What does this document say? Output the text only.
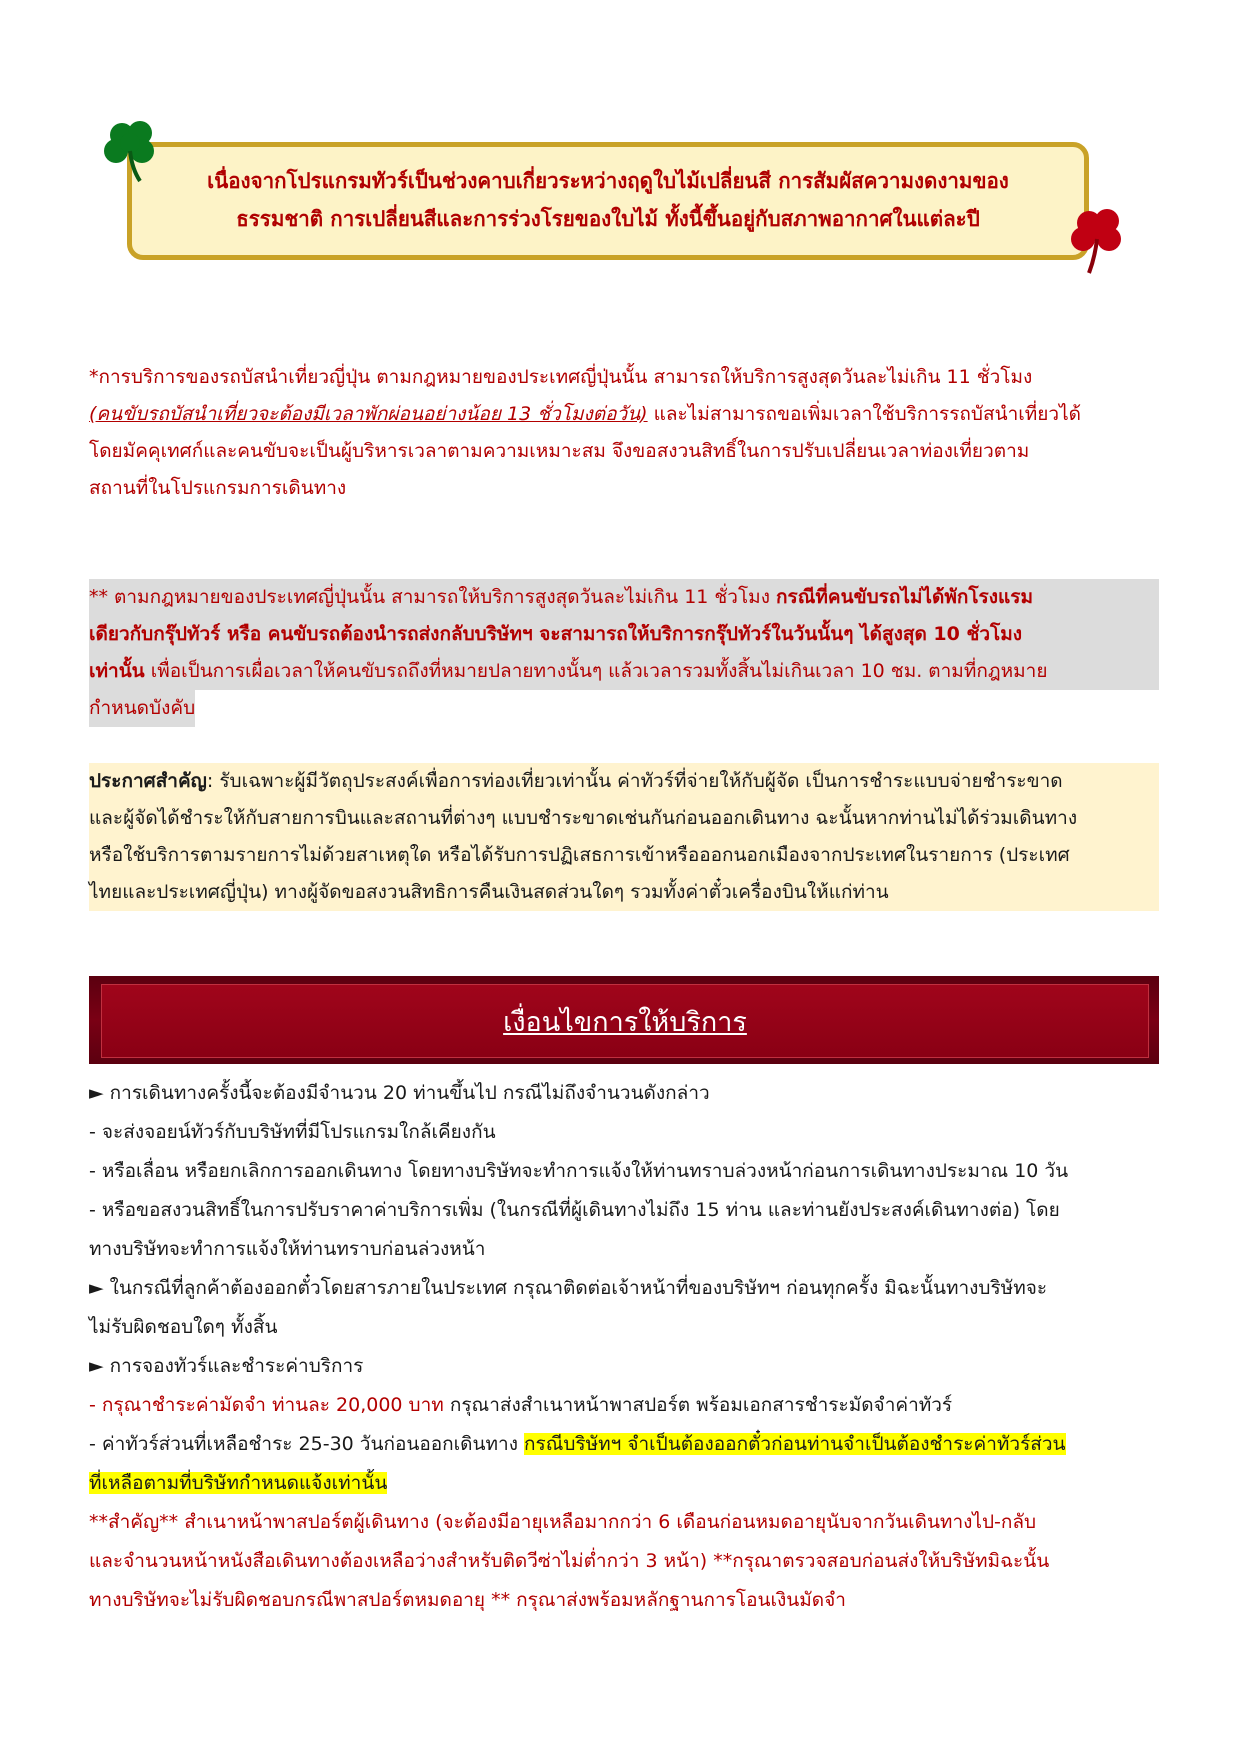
เนื่องจากโปรแกรมทัวร์เป็นช่วงคาบเกี่ยวระหว่างฤดูใบไม้เปลี่ยนสี การสัมผัสความงดงามของ
ธรรมชาติ การเปลี่ยนสีและการร่วงโรยของใบไม้ ทั้งนี้ขึ้นอยู่กับสภาพอากาศในแต่ละปี
*การบริการของรถบัสนำเที่ยวญี่ปุ่น ตามกฎหมายของประเทศญี่ปุ่นนั้น สามารถให้บริการสูงสุดวันละไม่เกิน 11 ชั่วโมง
(คนขับรถบัสนำเที่ยวจะต้องมีเวลาพักผ่อนอย่างน้อย 13 ชั่วโมงต่อวัน) และไม่สามารถขอเพิ่มเวลาใช้บริการรถบัสนำเที่ยวได้
โดยมัคคุเทศก์และคนขับจะเป็นผู้บริหารเวลาตามความเหมาะสม จึงขอสงวนสิทธิ์ในการปรับเปลี่ยนเวลาท่องเที่ยวตาม
สถานที่ในโปรแกรมการเดินทาง
** ตามกฎหมายของประเทศญี่ปุ่นนั้น สามารถให้บริการสูงสุดวันละไม่เกิน 11 ชั่วโมง กรณีที่คนขับรถไม่ได้พักโรงแรม
เดียวกับกรุ๊ปทัวร์ หรือ คนขับรถต้องนำรถส่งกลับบริษัทฯ จะสามารถให้บริการกรุ๊ปทัวร์ในวันนั้นๆ ได้สูงสุด 10 ชั่วโมง
เท่านั้น เพื่อเป็นการเผื่อเวลาให้คนขับรถถึงที่หมายปลายทางนั้นๆ แล้วเวลารวมทั้งสิ้นไม่เกินเวลา 10 ชม. ตามที่กฎหมาย
กำหนดบังคับ
ประกาศสำคัญ: รับเฉพาะผู้มีวัตถุประสงค์เพื่อการท่องเที่ยวเท่านั้น ค่าทัวร์ที่จ่ายให้กับผู้จัด เป็นการชำระแบบจ่ายชำระขาด
และผู้จัดได้ชำระให้กับสายการบินและสถานที่ต่างๆ แบบชำระขาดเช่นกันก่อนออกเดินทาง ฉะนั้นหากท่านไม่ได้ร่วมเดินทาง
หรือใช้บริการตามรายการไม่ด้วยสาเหตุใด หรือได้รับการปฏิเสธการเข้าหรือออกนอกเมืองจากประเทศในรายการ (ประเทศ
ไทยและประเทศญี่ปุ่น) ทางผู้จัดขอสงวนสิทธิการคืนเงินสดส่วนใดๆ รวมทั้งค่าตั๋วเครื่องบินให้แก่ท่าน
เงื่อนไขการให้บริการ
► การเดินทางครั้งนี้จะต้องมีจำนวน 20 ท่านขึ้นไป กรณีไม่ถึงจำนวนดังกล่าว
- จะส่งจอยน์ทัวร์กับบริษัทที่มีโปรแกรมใกล้เคียงกัน
- หรือเลื่อน หรือยกเลิกการออกเดินทาง โดยทางบริษัทจะทำการแจ้งให้ท่านทราบล่วงหน้าก่อนการเดินทางประมาณ 10 วัน
- หรือขอสงวนสิทธิ์ในการปรับราคาค่าบริการเพิ่ม (ในกรณีที่ผู้เดินทางไม่ถึง 15 ท่าน และท่านยังประสงค์เดินทางต่อ) โดย
ทางบริษัทจะทำการแจ้งให้ท่านทราบก่อนล่วงหน้า
► ในกรณีที่ลูกค้าต้องออกตั๋วโดยสารภายในประเทศ กรุณาติดต่อเจ้าหน้าที่ของบริษัทฯ ก่อนทุกครั้ง มิฉะนั้นทางบริษัทจะ
ไม่รับผิดชอบใดๆ ทั้งสิ้น
► การจองทัวร์และชำระค่าบริการ
- กรุณาชำระค่ามัดจำ ท่านละ 20,000 บาท กรุณาส่งสำเนาหน้าพาสปอร์ต พร้อมเอกสารชำระมัดจำค่าทัวร์
- ค่าทัวร์ส่วนที่เหลือชำระ 25-30 วันก่อนออกเดินทาง กรณีบริษัทฯ จำเป็นต้องออกตั๋วก่อนท่านจำเป็นต้องชำระค่าทัวร์ส่วน
ที่เหลือตามที่บริษัทกำหนดแจ้งเท่านั้น
**สำคัญ** สำเนาหน้าพาสปอร์ตผู้เดินทาง (จะต้องมีอายุเหลือมากกว่า 6 เดือนก่อนหมดอายุนับจากวันเดินทางไป-กลับ
และจำนวนหน้าหนังสือเดินทางต้องเหลือว่างสำหรับติดวีซ่าไม่ต่ำกว่า 3 หน้า) **กรุณาตรวจสอบก่อนส่งให้บริษัทมิฉะนั้น
ทางบริษัทจะไม่รับผิดชอบกรณีพาสปอร์ตหมดอายุ ** กรุณาส่งพร้อมหลักฐานการโอนเงินมัดจำ
